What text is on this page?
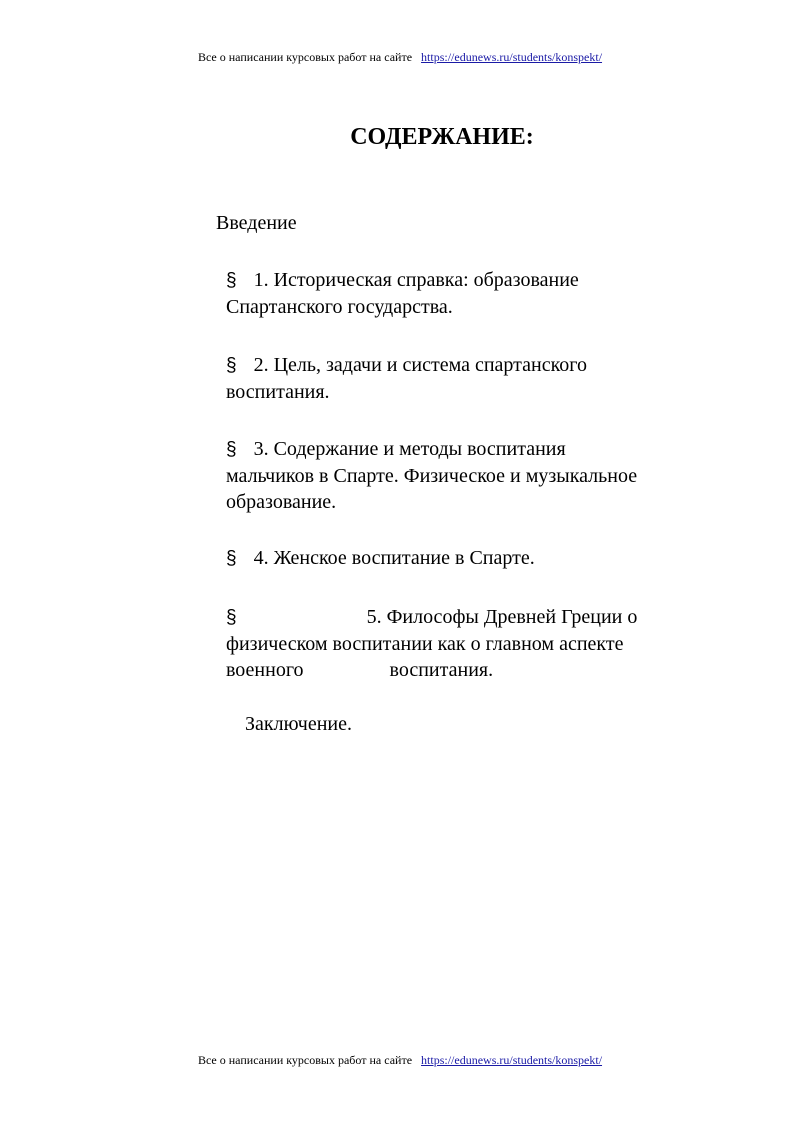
Все о написании курсовых работ на сайте https://edunews.ru/students/konspekt/
СОДЕРЖАНИЕ:
Введение
§ 1. Историческая справка: образование
Спартанского государства.
§ 2. Цель, задачи и система спартанского
воспитания.
§ 3. Содержание и методы воспитания
мальчиков в Спарте. Физическое и музыкальное
образование.
§ 4. Женское воспитание в Спарте.
§	5. Философы Древней Греции о
физическом воспитании как о главном аспекте
военного	воспитания.
Заключение.
Все о написании курсовых работ на сайте https://edunews.ru/students/konspekt/
